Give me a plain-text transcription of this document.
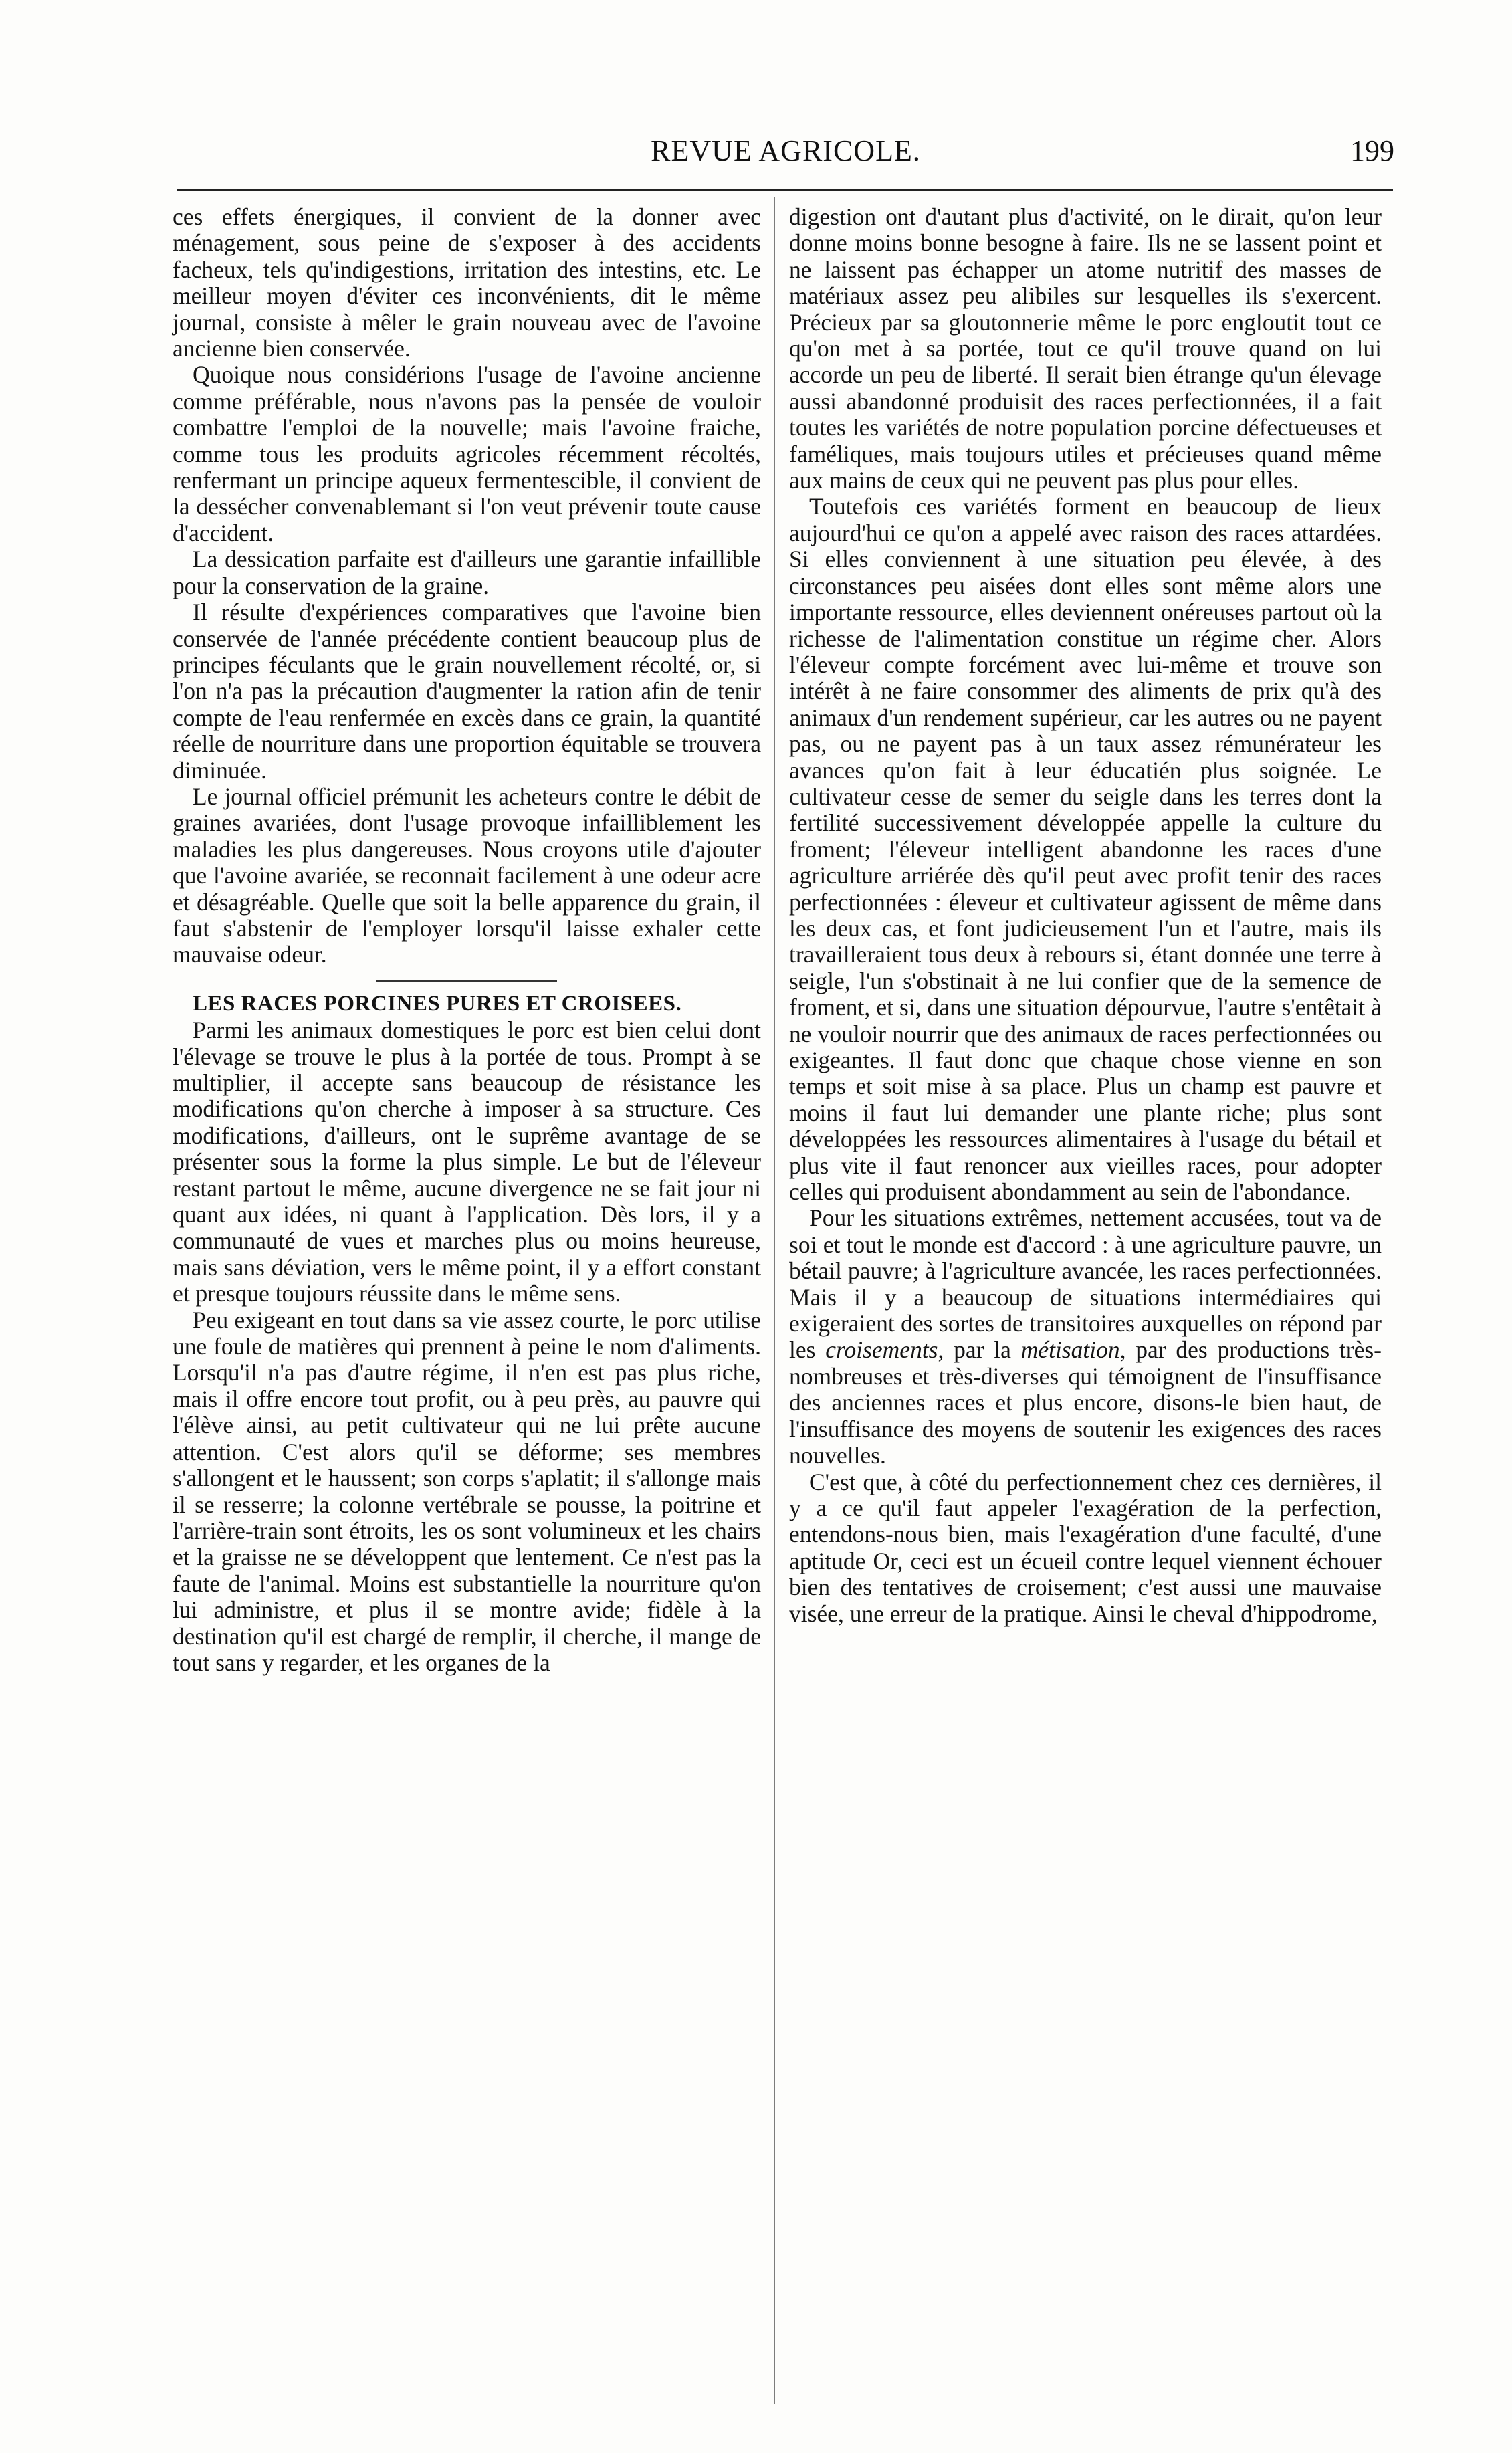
REVUE AGRICOLE.	199

ces effets énergiques, il convient de la donner avec ménagement, sous peine de s'exposer à des accidents facheux, tels qu'indigestions, irritation des intestins, etc. Le meilleur moyen d'éviter ces inconvénients, dit le même journal, consiste à mêler le grain nouveau avec de l'avoine ancienne bien conservée.

Quoique nous considérions l'usage de l'avoine ancienne comme préférable, nous n'avons pas la pensée de vouloir combattre l'emploi de la nouvelle; mais l'avoine fraiche, comme tous les produits agricoles récemment récoltés, renfermant un principe aqueux fermentescible, il convient de la dessécher convenablemant si l'on veut prévenir toute cause d'accident.

La dessication parfaite est d'ailleurs une garantie infaillible pour la conservation de la graine.

Il résulte d'expériences comparatives que l'avoine bien conservée de l'année précédente contient beaucoup plus de principes féculants que le grain nouvellement récolté, or, si l'on n'a pas la précaution d'augmenter la ration afin de tenir compte de l'eau renfermée en excès dans ce grain, la quantité réelle de nourriture dans une proportion équitable se trouvera diminuée.

Le journal officiel prémunit les acheteurs contre le débit de graines avariées, dont l'usage provoque infailliblement les maladies les plus dangereuses. Nous croyons utile d'ajouter que l'avoine avariée, se reconnait facilement à une odeur acre et désagréable. Quelle que soit la belle apparence du grain, il faut s'abstenir de l'employer lorsqu'il laisse exhaler cette mauvaise odeur.

LES RACES PORCINES PURES ET CROISEES.

Parmi les animaux domestiques le porc est bien celui dont l'élevage se trouve le plus à la portée de tous. Prompt à se multiplier, il accepte sans beaucoup de résistance les modifications qu'on cherche à imposer à sa structure. Ces modifications, d'ailleurs, ont le suprême avantage de se présenter sous la forme la plus simple. Le but de l'éleveur restant partout le même, aucune divergence ne se fait jour ni quant aux idées, ni quant à l'application. Dès lors, il y a communauté de vues et marches plus ou moins heureuse, mais sans déviation, vers le même point, il y a effort constant et presque toujours réussite dans le même sens.

Peu exigeant en tout dans sa vie assez courte, le porc utilise une foule de matières qui prennent à peine le nom d'aliments. Lorsqu'il n'a pas d'autre régime, il n'en est pas plus riche, mais il offre encore tout profit, ou à peu près, au pauvre qui l'élève ainsi, au petit cultivateur qui ne lui prête aucune attention. C'est alors qu'il se déforme; ses membres s'allongent et le haussent; son corps s'aplatit; il s'allonge mais il se resserre; la colonne vertébrale se pousse, la poitrine et l'arrière-train sont étroits, les os sont volumineux et les chairs et la graisse ne se développent que lentement. Ce n'est pas la faute de l'animal. Moins est substantielle la nourriture qu'on lui administre, et plus il se montre avide; fidèle à la destination qu'il est chargé de remplir, il cherche, il mange de tout sans y regarder, et les organes de la

digestion ont d'autant plus d'activité, on le dirait, qu'on leur donne moins bonne besogne à faire. Ils ne se lassent point et ne laissent pas échapper un atome nutritif des masses de matériaux assez peu alibiles sur lesquelles ils s'exercent. Précieux par sa gloutonnerie même le porc engloutit tout ce qu'on met à sa portée, tout ce qu'il trouve quand on lui accorde un peu de liberté. Il serait bien étrange qu'un élevage aussi abandonné produisit des races perfectionnées, il a fait toutes les variétés de notre population porcine défectueuses et faméliques, mais toujours utiles et précieuses quand même aux mains de ceux qui ne peuvent pas plus pour elles.

Toutefois ces variétés forment en beaucoup de lieux aujourd'hui ce qu'on a appelé avec raison des races attardées. Si elles conviennent à une situation peu élevée, à des circonstances peu aisées dont elles sont même alors une importante ressource, elles deviennent onéreuses partout où la richesse de l'alimentation constitue un régime cher. Alors l'éleveur compte forcément avec lui-même et trouve son intérêt à ne faire consommer des aliments de prix qu'à des animaux d'un rendement supérieur, car les autres ou ne payent pas, ou ne payent pas à un taux assez rémunérateur les avances qu'on fait à leur éducatién plus soignée. Le cultivateur cesse de semer du seigle dans les terres dont la fertilité successivement développée appelle la culture du froment; l'éleveur intelligent abandonne les races d'une agriculture arriérée dès qu'il peut avec profit tenir des races perfectionnées : éleveur et cultivateur agissent de même dans les deux cas, et font judicieusement l'un et l'autre, mais ils travailleraient tous deux à rebours si, étant donnée une terre à seigle, l'un s'obstinait à ne lui confier que de la semence de froment, et si, dans une situation dépourvue, l'autre s'entêtait à ne vouloir nourrir que des animaux de races perfectionnées ou exigeantes. Il faut donc que chaque chose vienne en son temps et soit mise à sa place. Plus un champ est pauvre et moins il faut lui demander une plante riche; plus sont développées les ressources alimentaires à l'usage du bétail et plus vite il faut renoncer aux vieilles races, pour adopter celles qui produisent abondamment au sein de l'abondance.

Pour les situations extrêmes, nettement accusées, tout va de soi et tout le monde est d'accord : à une agriculture pauvre, un bétail pauvre; à l'agriculture avancée, les races perfectionnées. Mais il y a beaucoup de situations intermédiaires qui exigeraient des sortes de transitoires auxquelles on répond par les croisements, par la métisation, par des productions très-nombreuses et très-diverses qui témoignent de l'insuffisance des anciennes races et plus encore, disons-le bien haut, de l'insuffisance des moyens de soutenir les exigences des races nouvelles.

C'est que, à côté du perfectionnement chez ces dernières, il y a ce qu'il faut appeler l'exagération de la perfection, entendons-nous bien, mais l'exagération d'une faculté, d'une aptitude Or, ceci est un écueil contre lequel viennent échouer bien des tentatives de croisement; c'est aussi une mauvaise visée, une erreur de la pratique. Ainsi le cheval d'hippodrome,
